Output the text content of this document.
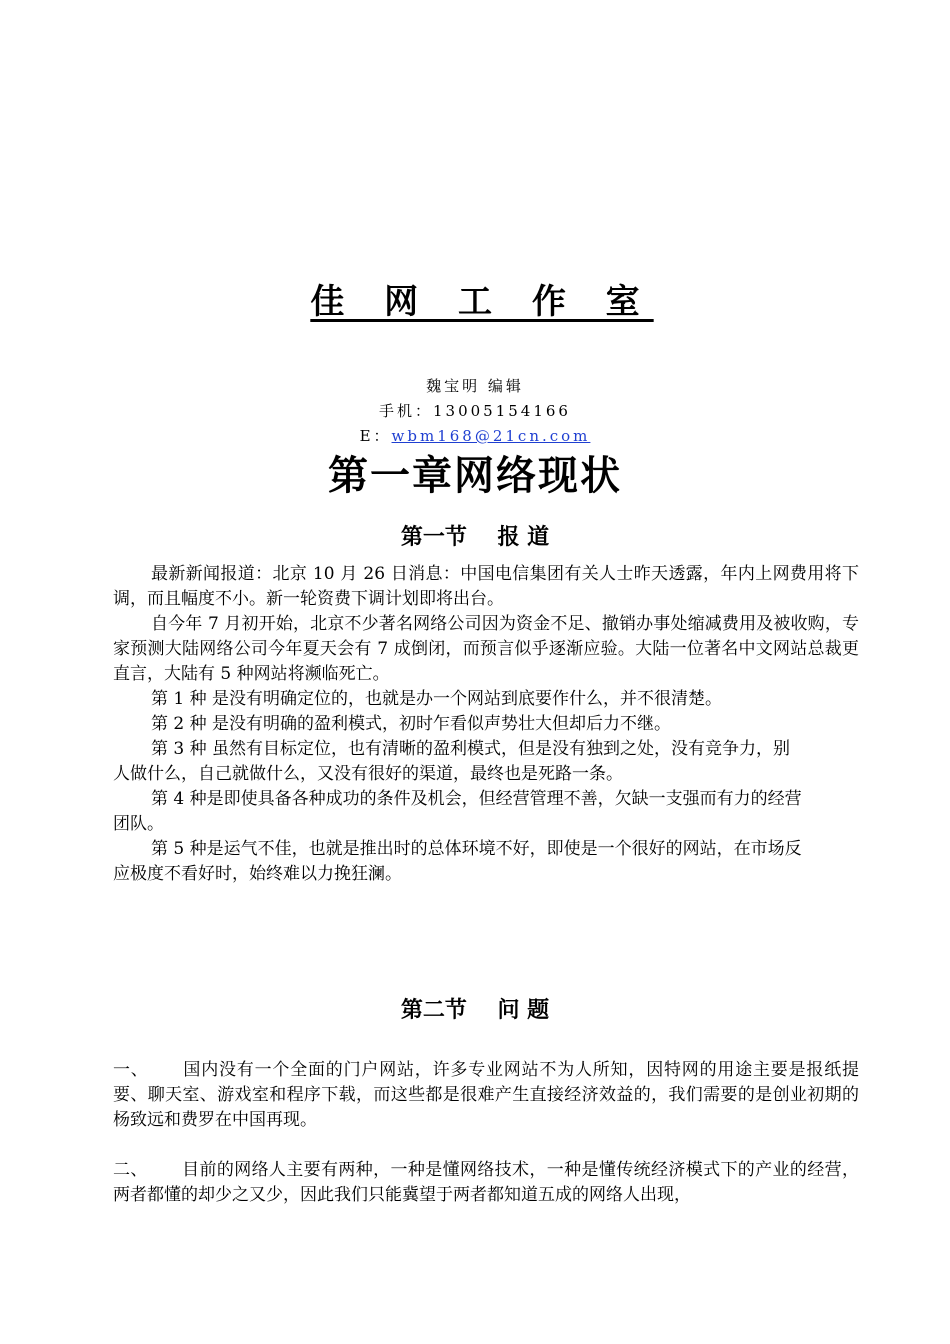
佳 网 工 作 室
魏宝明 编辑
手机：13005154166
E：wbm168@21cn.com
第一章网络现状
第一节    报 道

最新新闻报道：北京 10 月 26 日消息：中国电信集团有关人士昨天透露，年内上网费用将下调，而且幅度不小。新一轮资费下调计划即将出台。

自今年 7 月初开始，北京不少著名网络公司因为资金不足、撤销办事处缩减费用及被收购，专家预测大陆网络公司今年夏天会有 7 成倒闭，而预言似乎逐渐应验。大陆一位著名中文网站总裁更直言，大陆有 5 种网站将濒临死亡。

第 1 种 是没有明确定位的，也就是办一个网站到底要作什么，并不很清楚。

第 2 种 是没有明确的盈利模式，初时乍看似声势壮大但却后力不继。

第 3 种 虽然有目标定位，也有清晰的盈利模式，但是没有独到之处，没有竞争力，别

人做什么，自己就做什么，又没有很好的渠道，最终也是死路一条。

第 4 种是即使具备各种成功的条件及机会，但经营管理不善，欠缺一支强而有力的经营

团队。

第 5 种是运气不佳，也就是推出时的总体环境不好，即使是一个很好的网站，在市场反

应极度不看好时，始终难以力挽狂澜。

第二节    问 题

一、 国内没有一个全面的门户网站，许多专业网站不为人所知，因特网的用途主要是报纸提要、聊天室、游戏室和程序下载，而这些都是很难产生直接经济效益的，我们需要的是创业初期的杨致远和费罗在中国再现。

二、 目前的网络人主要有两种，一种是懂网络技术，一种是懂传统经济模式下的产业的经营，两者都懂的却少之又少，因此我们只能冀望于两者都知道五成的网络人出现，
